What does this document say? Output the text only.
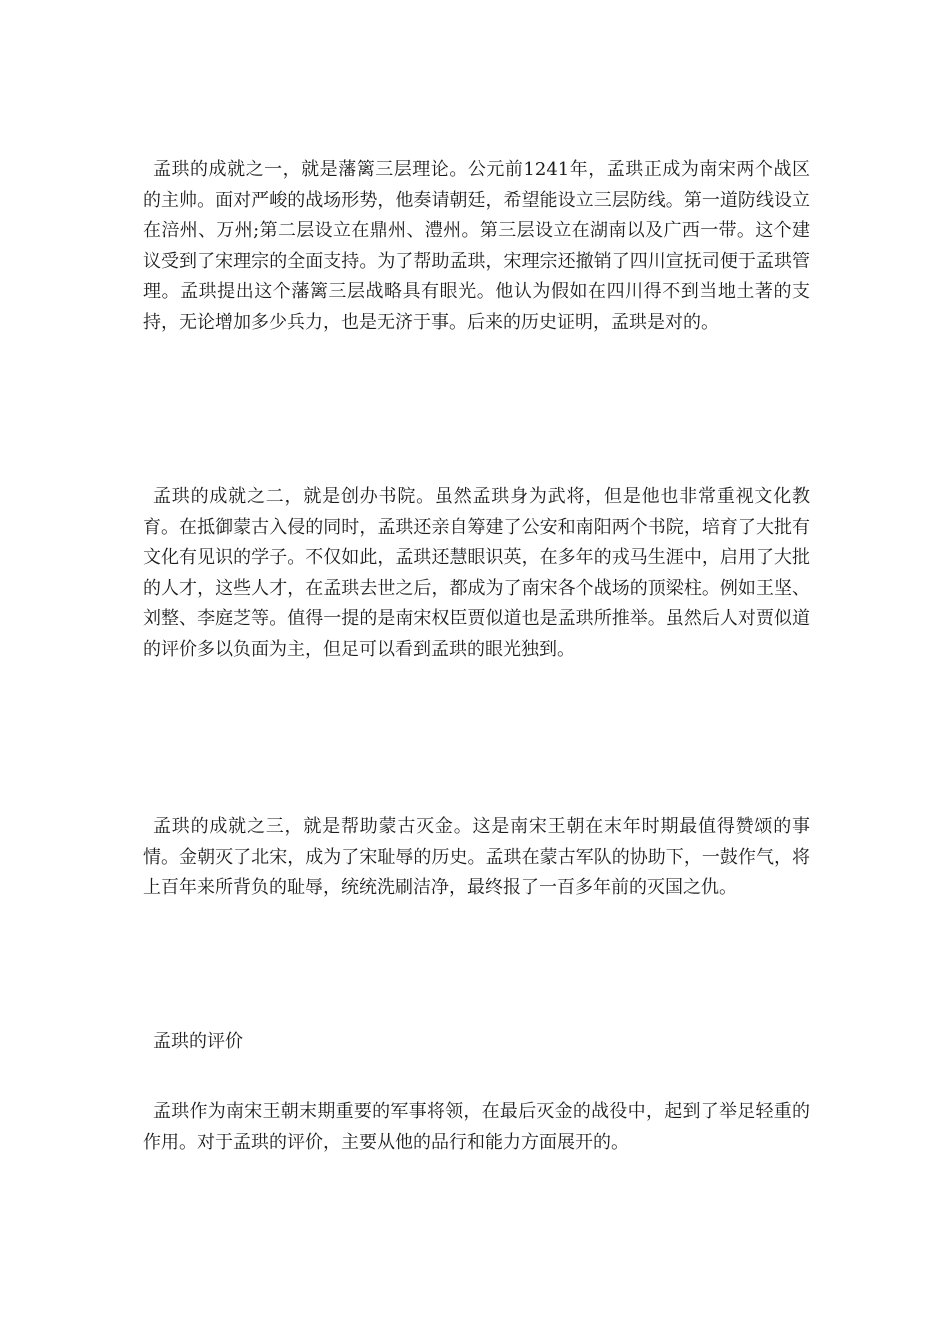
孟珙的成就之一，就是藩篱三层理论。公元前1241年，孟珙正成为南宋两个战区的主帅。面对严峻的战场形势，他奏请朝廷，希望能设立三层防线。第一道防线设立在涪州、万州;第二层设立在鼎州、澧州。第三层设立在湖南以及广西一带。这个建议受到了宋理宗的全面支持。为了帮助孟珙，宋理宗还撤销了四川宣抚司便于孟珙管理。孟珙提出这个藩篱三层战略具有眼光。他认为假如在四川得不到当地土著的支持，无论增加多少兵力，也是无济于事。后来的历史证明，孟珙是对的。

孟珙的成就之二，就是创办书院。虽然孟珙身为武将，但是他也非常重视文化教育。在抵御蒙古入侵的同时，孟珙还亲自筹建了公安和南阳两个书院，培育了大批有文化有见识的学子。不仅如此，孟珙还慧眼识英，在多年的戎马生涯中，启用了大批的人才，这些人才，在孟珙去世之后，都成为了南宋各个战场的顶梁柱。例如王坚、刘整、李庭芝等。值得一提的是南宋权臣贾似道也是孟珙所推举。虽然后人对贾似道的评价多以负面为主，但足可以看到孟珙的眼光独到。

孟珙的成就之三，就是帮助蒙古灭金。这是南宋王朝在末年时期最值得赞颂的事情。金朝灭了北宋，成为了宋耻辱的历史。孟珙在蒙古军队的协助下，一鼓作气，将上百年来所背负的耻辱，统统洗刷洁净，最终报了一百多年前的灭国之仇。

孟珙的评价

孟珙作为南宋王朝末期重要的军事将领，在最后灭金的战役中，起到了举足轻重的作用。对于孟珙的评价，主要从他的品行和能力方面展开的。
